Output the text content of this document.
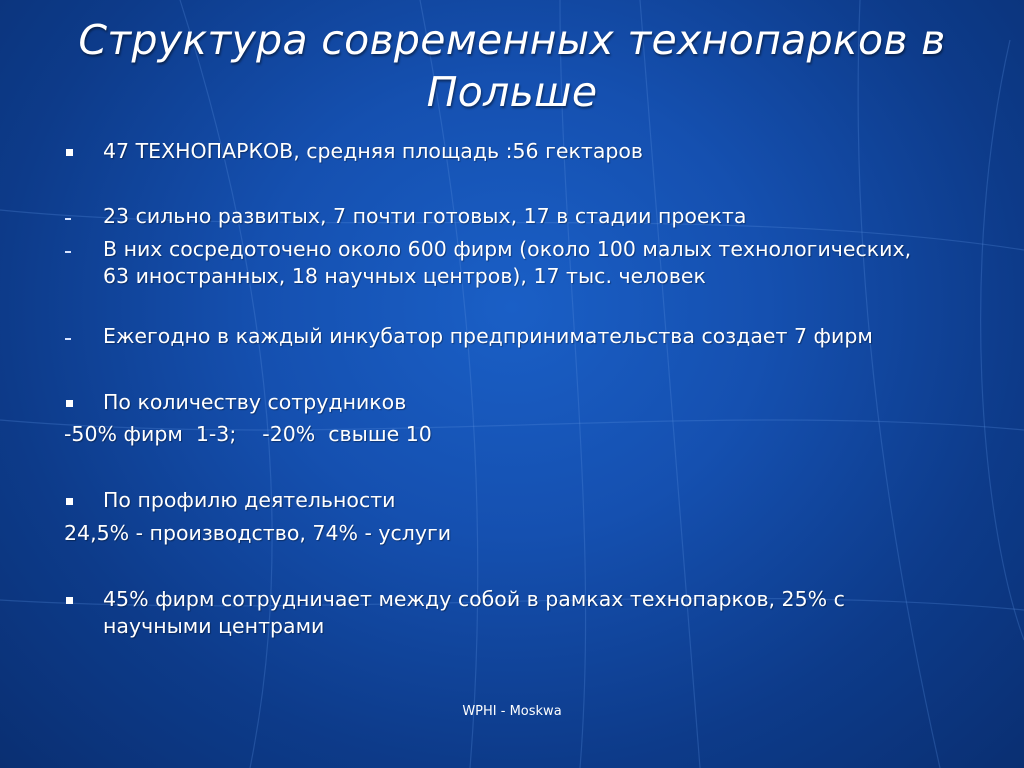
Структура современных технопарков в Польше
47 ТЕХНОПАРКОВ, средняя площадь :56 гектаров
23 сильно развитых, 7 почти готовых, 17 в стадии проекта
В них сосредоточено около 600 фирм (около 100 малых технологических, 63 иностранных, 18 научных центров), 17 тыс. человек
Ежегодно в каждый инкубатор предпринимательства создает 7 фирм
По количеству сотрудников
-50% фирм  1-3;    -20%  свыше 10
По профилю деятельности
24,5% - производство, 74% - услуги
45% фирм сотрудничает между собой в рамках технопарков, 25% с научными центрами
WPHI - Moskwa
